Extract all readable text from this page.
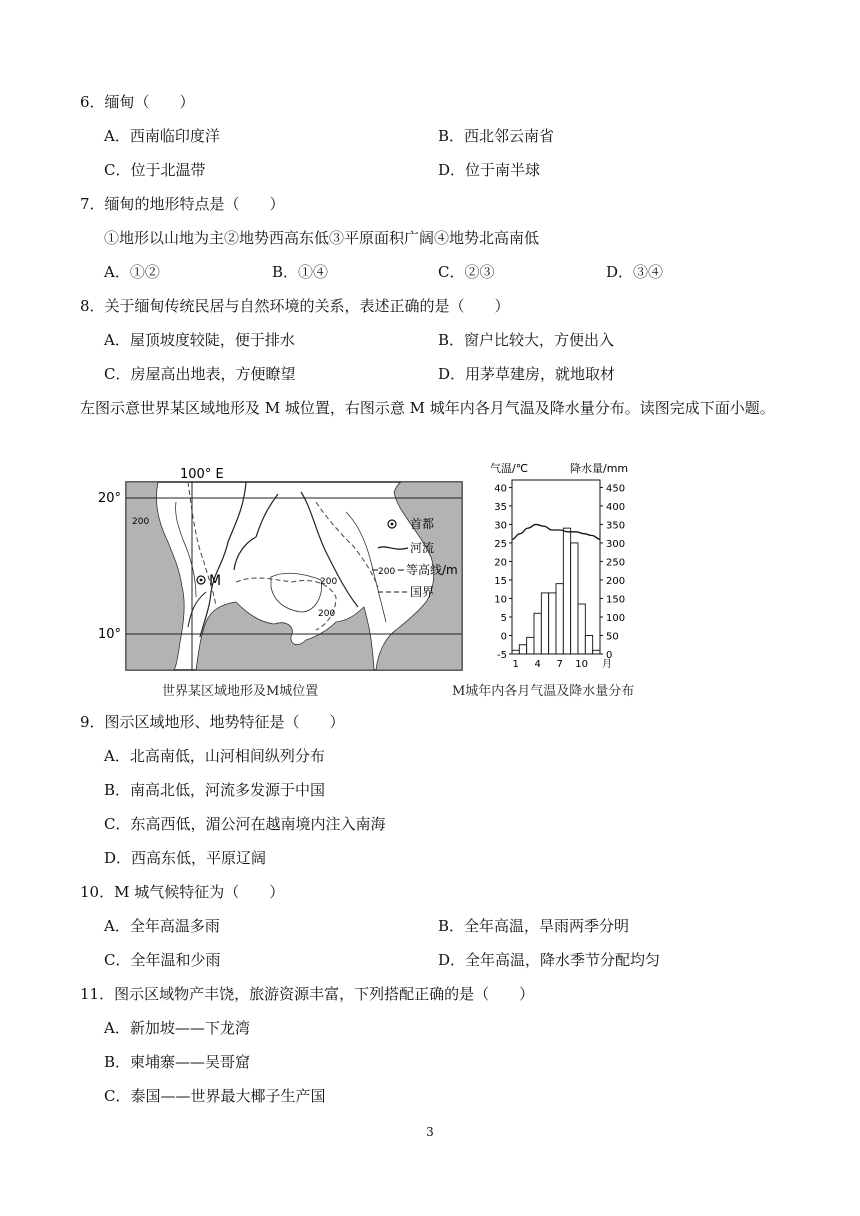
6．缅甸（　　）
A．西南临印度洋	B．西北邻云南省
C．位于北温带	D．位于南半球
7．缅甸的地形特点是（　　）
①地形以山地为主②地势西高东低③平原面积广阔④地势北高南低
A．①②	B．①④	C．②③	D．③④
8．关于缅甸传统民居与自然环境的关系，表述正确的是（　　）
A．屋顶坡度较陡，便于排水	B．窗户比较大，方便出入
C．房屋高出地表，方便瞭望	D．用茅草建房，就地取材
左图示意世界某区域地形及 M 城位置，右图示意 M 城年内各月气温及降水量分布。读图完成下面小题。
100° E
20°
10°
200
200
200
M
首都
河流
200 等高线/m
国界
世界某区域地形及M城位置
气温/℃	降水量/mm
-5
0
5
10
15
20
25
30
35
40
0
50
100
150
200
250
300
350
400
450
1 4 7 10 月
M城年内各月气温及降水量分布
9．图示区域地形、地势特征是（　　）
A．北高南低，山河相间纵列分布
B．南高北低，河流多发源于中国
C．东高西低，湄公河在越南境内注入南海
D．西高东低，平原辽阔
10．M 城气候特征为（　　）
A．全年高温多雨	B．全年高温，旱雨两季分明
C．全年温和少雨	D．全年高温，降水季节分配均匀
11．图示区域物产丰饶，旅游资源丰富，下列搭配正确的是（　　）
A．新加坡——下龙湾
B．柬埔寨——吴哥窟
C．泰国——世界最大椰子生产国
3
